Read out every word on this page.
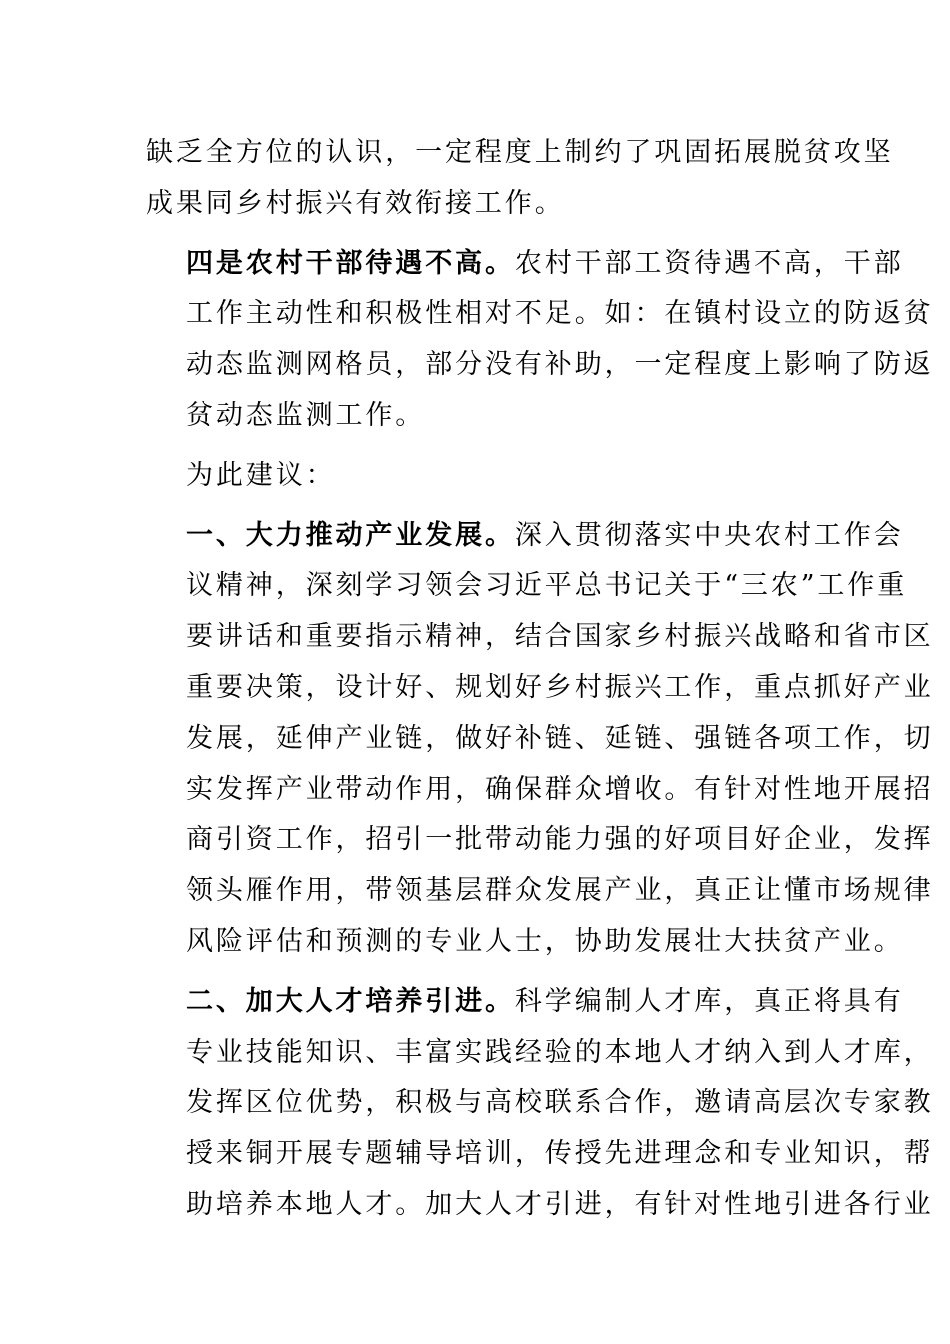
缺乏全方位的认识，一定程度上制约了巩固拓展脱贫攻坚
成果同乡村振兴有效衔接工作。

四是农村干部待遇不高。农村干部工资待遇不高，干部
工作主动性和积极性相对不足。如：在镇村设立的防返贫
动态监测网格员，部分没有补助，一定程度上影响了防返
贫动态监测工作。

为此建议：

一、大力推动产业发展。深入贯彻落实中央农村工作会
议精神，深刻学习领会习近平总书记关于“三农”工作重
要讲话和重要指示精神，结合国家乡村振兴战略和省市区
重要决策，设计好、规划好乡村振兴工作，重点抓好产业
发展，延伸产业链，做好补链、延链、强链各项工作，切
实发挥产业带动作用，确保群众增收。有针对性地开展招
商引资工作，招引一批带动能力强的好项目好企业，发挥
领头雁作用，带领基层群众发展产业，真正让懂市场规律
风险评估和预测的专业人士，协助发展壮大扶贫产业。

二、加大人才培养引进。科学编制人才库，真正将具有
专业技能知识、丰富实践经验的本地人才纳入到人才库，
发挥区位优势，积极与高校联系合作，邀请高层次专家教
授来铜开展专题辅导培训，传授先进理念和专业知识，帮
助培养本地人才。加大人才引进，有针对性地引进各行业
